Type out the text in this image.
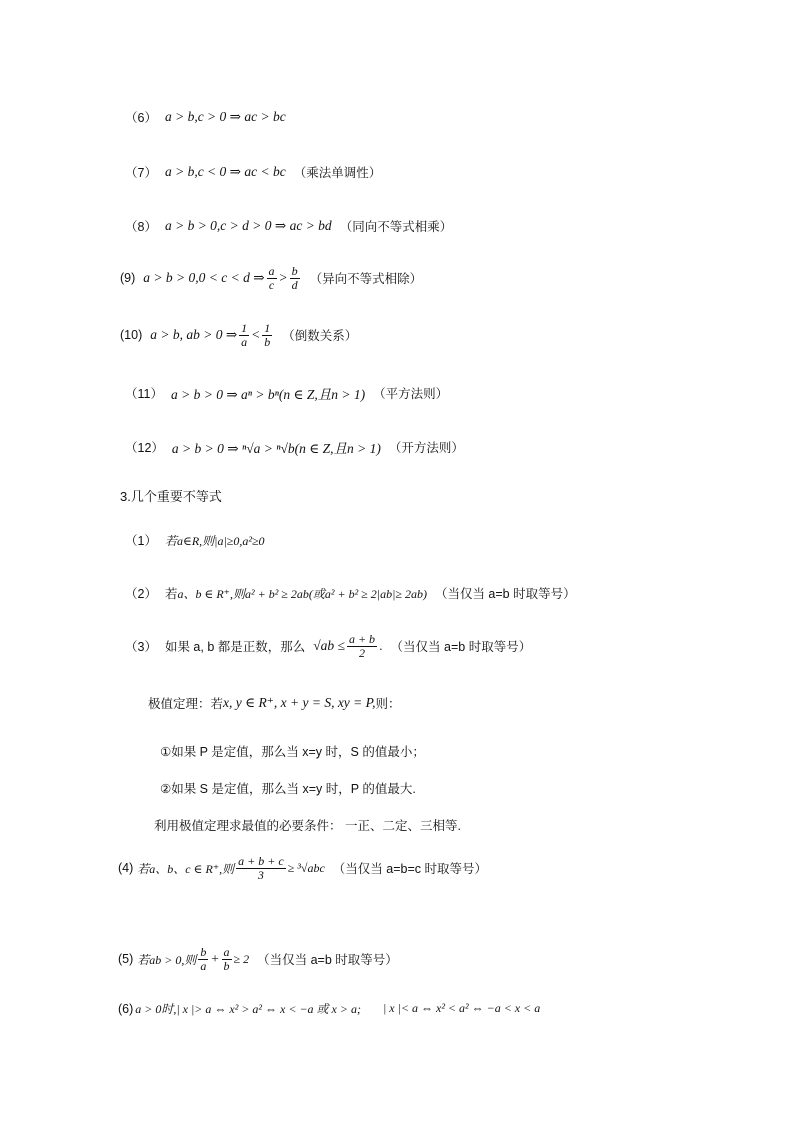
（6） a > b,c > 0 ⇒ ac > bc
（7） a > b,c < 0 ⇒ ac < bc （乘法单调性）
（8） a > b > 0,c > d > 0 ⇒ ac > bd （同向不等式相乘）
(9) a > b > 0,0 < c < d ⇒ $\frac{a}{c} > \frac{b}{d}$ （异向不等式相除）
(10) a > b, ab > 0 ⇒ $\frac{1}{a} < \frac{1}{b}$ （倒数关系）
（11） a > b > 0 ⇒ aⁿ > bⁿ(n ∈ Z,且n > 1) （平方法则）
（12） a > b > 0 ⇒ ⁿ√a > ⁿ√b(n ∈ Z,且n > 1) （开方法则）
3.几个重要不等式
（1） 若a∈R,则|a|≥0,a²≥0
（2） 若 a、b ∈ R⁺,则a² + b² ≥ 2ab(或a² + b² ≥ 2|ab|≥ 2ab) （当仅当 a=b 时取等号）
（3） 如果 a, b 都是正数，那么 $√ab \le \frac{a + b}{2}$ . （当仅当 a=b 时取等号）
极值定理：若 x, y ∈ R⁺, x + y = S, xy = P, 则：
①如果 P 是定值，那么当 x=y 时，S 的值最小；
②如果 S 是定值，那么当 x=y 时，P 的值最大.
利用极值定理求最值的必要条件： 一正、二定、三相等.
(4) 若a、b、c ∈ R⁺,则 $\frac{a + b + c}{3} \ge ^3√abc$ （当仅当 a=b=c 时取等号）
(5) 若ab > 0,则 $\frac{b}{a} + \frac{a}{b} \ge 2$ （当仅当 a=b 时取等号）
(6) a > 0时,| x |> a ⇔ x² > a² ⇔ x < −a 或 x > a; | x |< a ⇔ x² < a² ⇔ −a < x < a
